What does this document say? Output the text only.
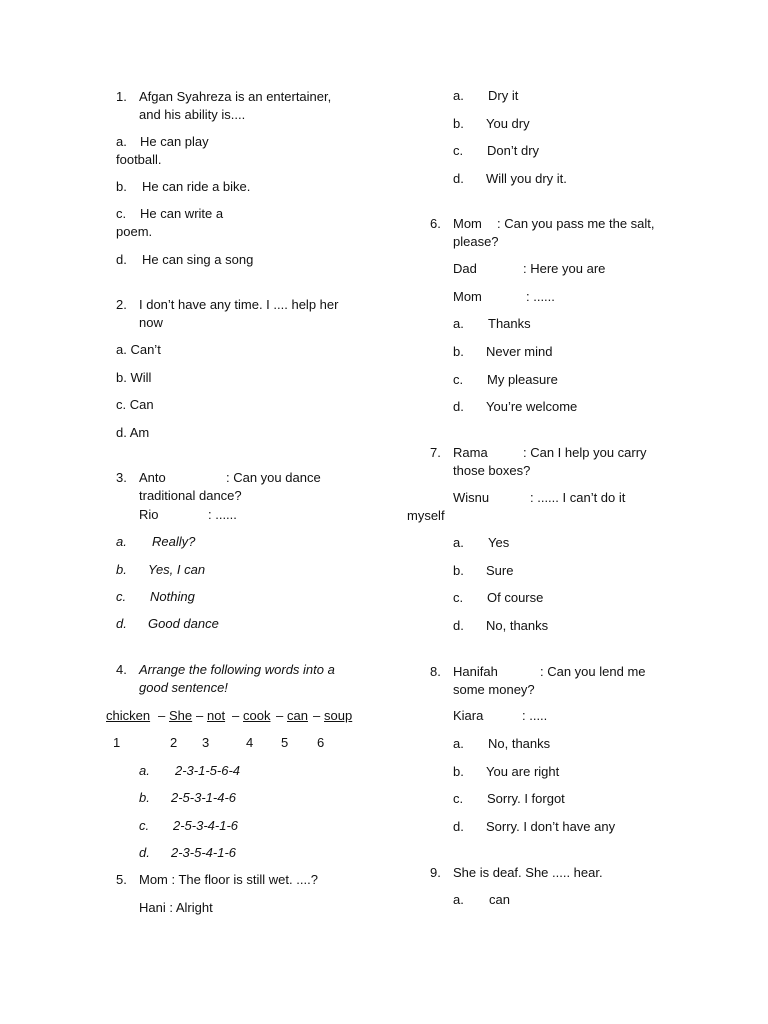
1. Afgan Syahreza is an entertainer,
and his ability is....
a. He can play
football.
b. He can ride a bike.
c. He can write a
poem.
d. He can sing a song
2. I don’t have any time. I .... help her
now
a. Can’t
b. Will
c. Can
d. Am
3. Anto	: Can you dance
traditional dance?
Rio	: ......
a. Really?
b. Yes, I can
c. Nothing
d. Good dance
4. Arrange the following words into a
good sentence!
chicken – She – not – cook – can – soup
1	2 3	4 5 6
a. 2-3-1-5-6-4
b. 2-5-3-1-4-6
c. 2-5-3-4-1-6
d. 2-3-5-4-1-6
5. Mom : The floor is still wet. ....?
Hani : Alright
a. Dry it
b. You dry
c. Don’t dry
d. Will you dry it.
6. Mom : Can you pass me the salt,
please?
Dad	: Here you are
Mom	: ......
a. Thanks
b. Never mind
c. My pleasure
d. You’re welcome
7. Rama	: Can I help you carry
those boxes?
Wisnu	: ...... I can’t do it
myself
a. Yes
b. Sure
c. Of course
d. No, thanks
8. Hanifah	: Can you lend me
some money?
Kiara	: .....
a. No, thanks
b. You are right
c. Sorry. I forgot
d. Sorry. I don’t have any
9. She is deaf. She ..... hear.
a. can
